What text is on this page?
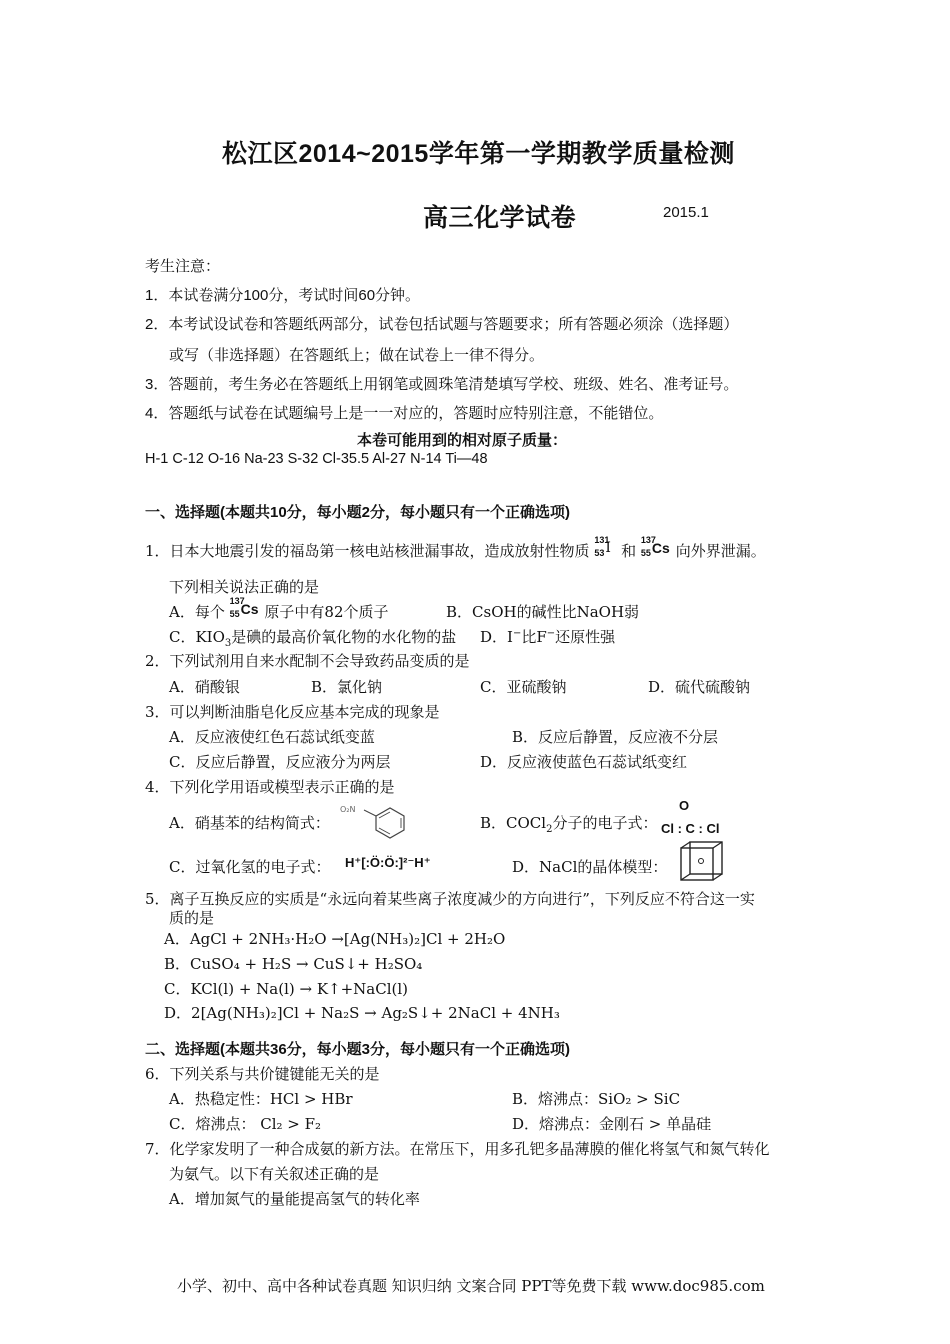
松江区2014~2015学年第一学期教学质量检测
高三化学试卷	2015.1
考生注意：
1．本试卷满分100分，考试时间60分钟。
2．本考试设试卷和答题纸两部分，试卷包括试题与答题要求；所有答题必须涂（选择题）
或写（非选择题）在答题纸上；做在试卷上一律不得分。
3．答题前，考生务必在答题纸上用钢笔或圆珠笔清楚填写学校、班级、姓名、准考证号。
4．答题纸与试卷在试题编号上是一一对应的，答题时应特别注意，不能错位。
本卷可能用到的相对原子质量：
H-1 C-12 O-16 Na-23 S-32 Cl-35.5 Al-27 N-14 Ti—48
一、选择题(本题共10分，每小题2分，每小题只有一个正确选项)
1．日本大地震引发的福岛第一核电站核泄漏事故，造成放射性物质
131
53 I 和
137
55 Cs 向外界泄漏。
下列相关说法正确的是
A．每个
137
55 Cs 原子中有82个质子	B．CsOH的碱性比NaOH弱
C．$KIO_3$是碘的最高价氧化物的水化物的盐 D．I−比F−还原性强
2．下列试剂用自来水配制不会导致药品变质的是
A．硝酸银	B．氯化钠	C．亚硫酸钠	D．硫代硫酸钠
3．可以判断油脂皂化反应基本完成的现象是
A．反应液使红色石蕊试纸变蓝	B．反应后静置，反应液不分层
C．反应后静置，反应液分为两层	D．反应液使蓝色石蕊试纸变红
4．下列化学用语或模型表示正确的是
A．硝基苯的结构简式：
O₂N
B．COCl$_2$分子的电子式：
O
Cl : C : Cl
C．过氧化氢的电子式： H⁺[:Ö:Ö:]²⁻H⁺	D．NaCl的晶体模型：
5．离子互换反应的实质是“永远向着某些离子浓度减少的方向进行”，下列反应不符合这一实
质的是
A．AgCl + 2NH₃·H₂O →[Ag(NH₃)₂]Cl + 2H₂O
B．CuSO₄ + H₂S → CuS↓+ H₂SO₄
C．KCl(l) + Na(l) → K↑+NaCl(l)
D．2[Ag(NH₃)₂]Cl + Na₂S → Ag₂S↓+ 2NaCl + 4NH₃
二、选择题(本题共36分，每小题3分，每小题只有一个正确选项)
6．下列关系与共价键键能无关的是
A．热稳定性：HCl > HBr	B．熔沸点：SiO₂ > SiC
C．熔沸点： Cl₂ > F₂	D．熔沸点：金刚石 > 单晶硅
7．化学家发明了一种合成氨的新方法。在常压下，用多孔钯多晶薄膜的催化将氢气和氮气转化
为氨气。以下有关叙述正确的是
A．增加氮气的量能提高氢气的转化率
小学、初中、高中各种试卷真题 知识归纳 文案合同 PPT等免费下载 www.doc985.com
